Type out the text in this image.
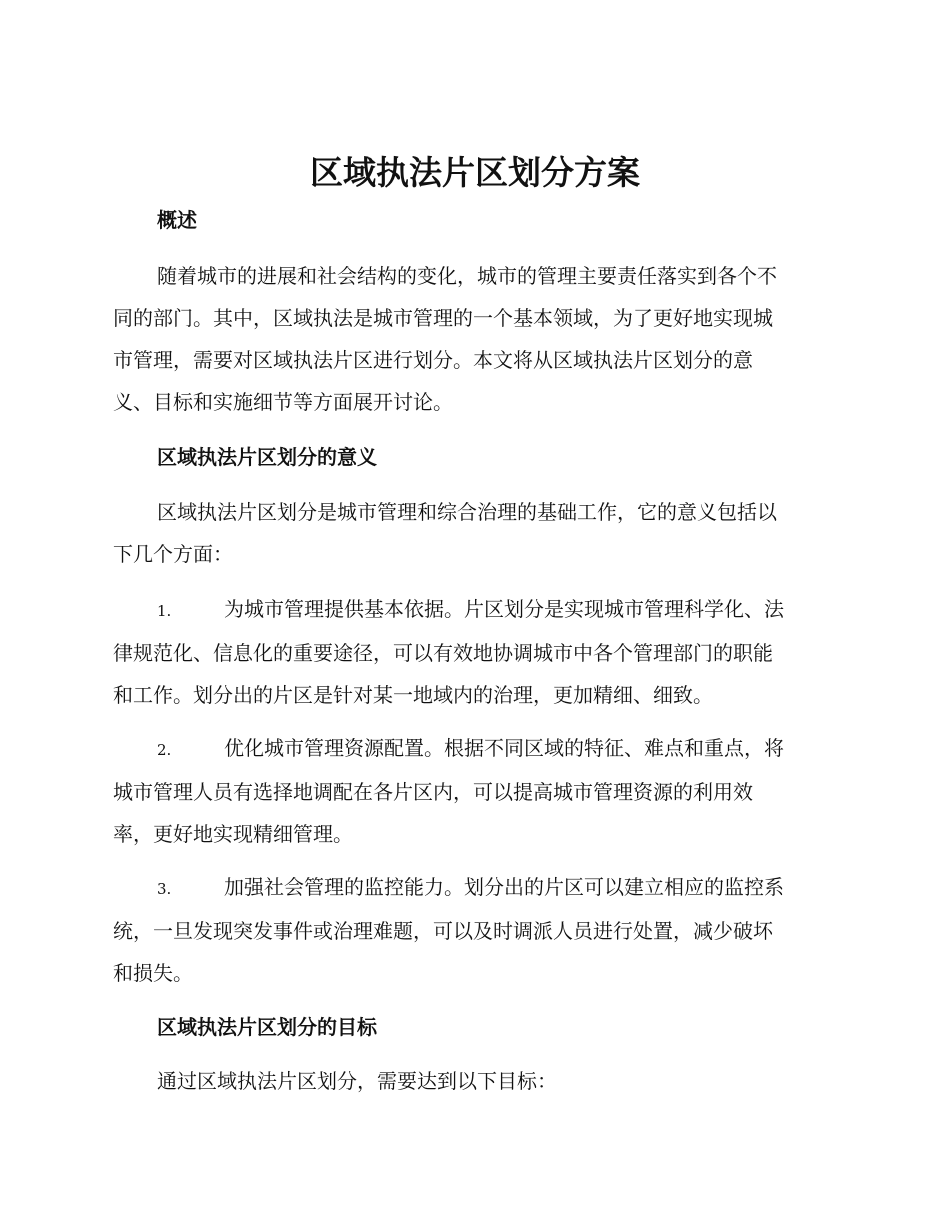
区域执法片区划分方案
概述
随着城市的进展和社会结构的变化，城市的管理主要责任落实到各个不
同的部门。其中，区域执法是城市管理的一个基本领域，为了更好地实现城
市管理，需要对区域执法片区进行划分。本文将从区域执法片区划分的意
义、目标和实施细节等方面展开讨论。
区域执法片区划分的意义
区域执法片区划分是城市管理和综合治理的基础工作，它的意义包括以
下几个方面：
1.	为城市管理提供基本依据。片区划分是实现城市管理科学化、法
律规范化、信息化的重要途径，可以有效地协调城市中各个管理部门的职能
和工作。划分出的片区是针对某一地域内的治理，更加精细、细致。
2.	优化城市管理资源配置。根据不同区域的特征、难点和重点，将
城市管理人员有选择地调配在各片区内，可以提高城市管理资源的利用效
率，更好地实现精细管理。
3.	加强社会管理的监控能力。划分出的片区可以建立相应的监控系
统，一旦发现突发事件或治理难题，可以及时调派人员进行处置，减少破坏
和损失。
区域执法片区划分的目标
通过区域执法片区划分，需要达到以下目标：
